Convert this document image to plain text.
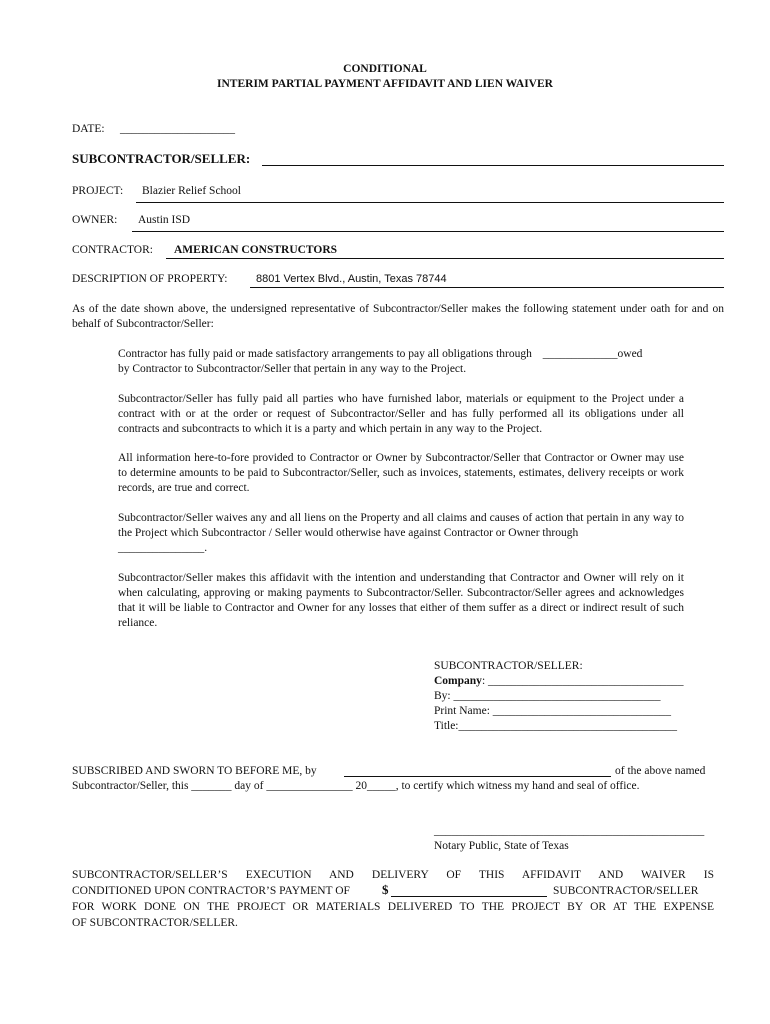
CONDITIONAL
INTERIM PARTIAL PAYMENT AFFIDAVIT AND LIEN WAIVER
DATE: ____________________
SUBCONTRACTOR/SELLER:
PROJECT: Blazier Relief School
OWNER: Austin ISD
CONTRACTOR: AMERICAN CONSTRUCTORS
DESCRIPTION OF PROPERTY:	8801 Vertex Blvd., Austin, Texas 78744
As of the date shown above, the undersigned representative of Subcontractor/Seller makes the following statement under oath for and on behalf of Subcontractor/Seller:
Contractor has fully paid or made satisfactory arrangements to pay all obligations through _____________owed
by Contractor to Subcontractor/Seller that pertain in any way to the Project.
Subcontractor/Seller has fully paid all parties who have furnished labor, materials or equipment to the Project under a contract with or at the order or request of Subcontractor/Seller and has fully performed all its obligations under all contracts and subcontracts to which it is a party and which pertain in any way to the Project.
All information here-to-fore provided to Contractor or Owner by Subcontractor/Seller that Contractor or Owner may use to determine amounts to be paid to Subcontractor/Seller, such as invoices, statements, estimates, delivery receipts or work records, are true and correct.
Subcontractor/Seller waives any and all liens on the Property and all claims and causes of action that pertain in any way to the Project which Subcontractor / Seller would otherwise have against Contractor or Owner through
_______________.
Subcontractor/Seller makes this affidavit with the intention and understanding that Contractor and Owner will rely on it when calculating, approving or making payments to Subcontractor/Seller. Subcontractor/Seller agrees and acknowledges that it will be liable to Contractor and Owner for any losses that either of them suffer as a direct or indirect result of such reliance.
SUBCONTRACTOR/SELLER:
Company: __________________________________
By: ____________________________________
Print Name: _______________________________
Title:______________________________________
SUBSCRIBED AND SWORN TO BEFORE ME, by	of the above named
Subcontractor/Seller, this _______ day of _______________ 20_____, to certify which witness my hand and seal of office.
_______________________________________________
Notary Public, State of Texas
SUBCONTRACTOR/SELLER’S EXECUTION AND DELIVERY OF THIS AFFIDAVIT AND WAIVER IS
CONDITIONED UPON CONTRACTOR’S PAYMENT OF $	SUBCONTRACTOR/SELLER
FOR WORK DONE ON THE PROJECT OR MATERIALS DELIVERED TO THE PROJECT BY OR AT THE EXPENSE
OF SUBCONTRACTOR/SELLER.
